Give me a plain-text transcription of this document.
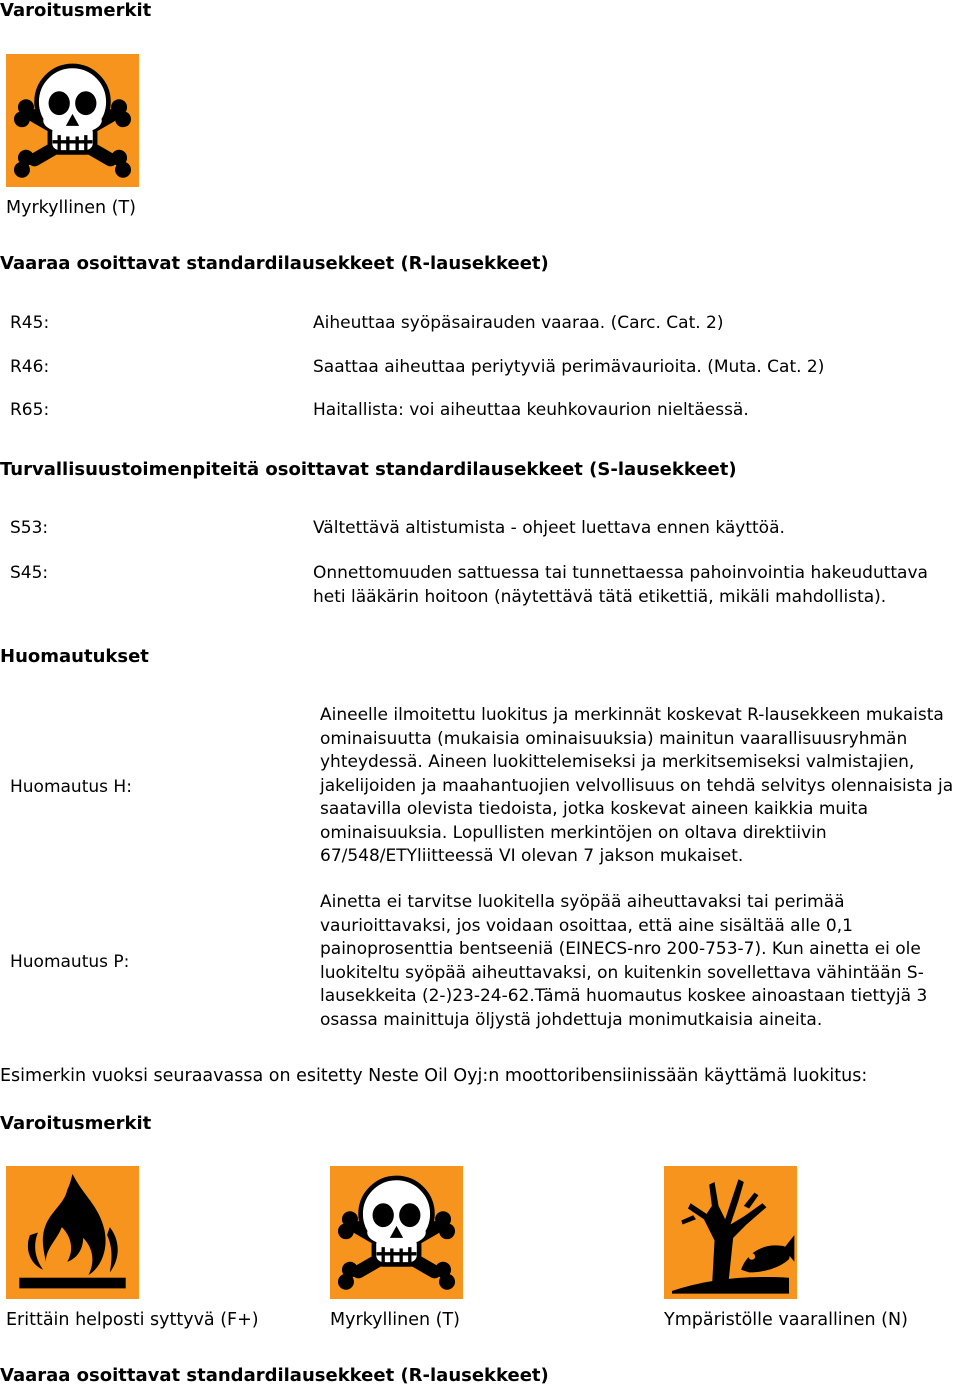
Varoitusmerkit
Myrkyllinen (T)
Vaaraa osoittavat standardilausekkeet (R-lausekkeet)
R45:	Aiheuttaa syöpäsairauden vaaraa. (Carc. Cat. 2)
R46:	Saattaa aiheuttaa periytyviä perimävaurioita. (Muta. Cat. 2)
R65:	Haitallista: voi aiheuttaa keuhkovaurion nieltäessä.
Turvallisuustoimenpiteitä osoittavat standardilausekkeet (S-lausekkeet)
S53:	Vältettävä altistumista - ohjeet luettava ennen käyttöä.
S45:	Onnettomuuden sattuessa tai tunnettaessa pahoinvointia hakeuduttava
heti lääkärin hoitoon (näytettävä tätä etikettiä, mikäli mahdollista).
Huomautukset
Huomautus H:
Aineelle ilmoitettu luokitus ja merkinnät koskevat R-lausekkeen mukaista ominaisuutta (mukaisia ominaisuuksia) mainitun vaarallisuusryhmän yhteydessä. Aineen luokittelemiseksi ja merkitsemiseksi valmistajien, jakelijoiden ja maahantuojien velvollisuus on tehdä selvitys olennaisista ja saatavilla olevista tiedoista, jotka koskevat aineen kaikkia muita ominaisuuksia. Lopullisten merkintöjen on oltava direktiivin 67/548/ETYliitteessä VI olevan 7 jakson mukaiset.
Huomautus P:
Ainetta ei tarvitse luokitella syöpää aiheuttavaksi tai perimää vaurioittavaksi, jos voidaan osoittaa, että aine sisältää alle 0,1 painoprosenttia bentseeniä (EINECS-nro 200-753-7). Kun ainetta ei ole luokiteltu syöpää aiheuttavaksi, on kuitenkin sovellettava vähintään S-lausekkeita (2-)23-24-62.Tämä huomautus koskee ainoastaan tiettyjä 3 osassa mainittuja öljystä johdettuja monimutkaisia aineita.
Esimerkin vuoksi seuraavassa on esitetty Neste Oil Oyj:n moottoribensiinissään käyttämä luokitus:
Varoitusmerkit
Erittäin helposti syttyvä (F+)	Myrkyllinen (T)	Ympäristölle vaarallinen (N)
Vaaraa osoittavat standardilausekkeet (R-lausekkeet)
